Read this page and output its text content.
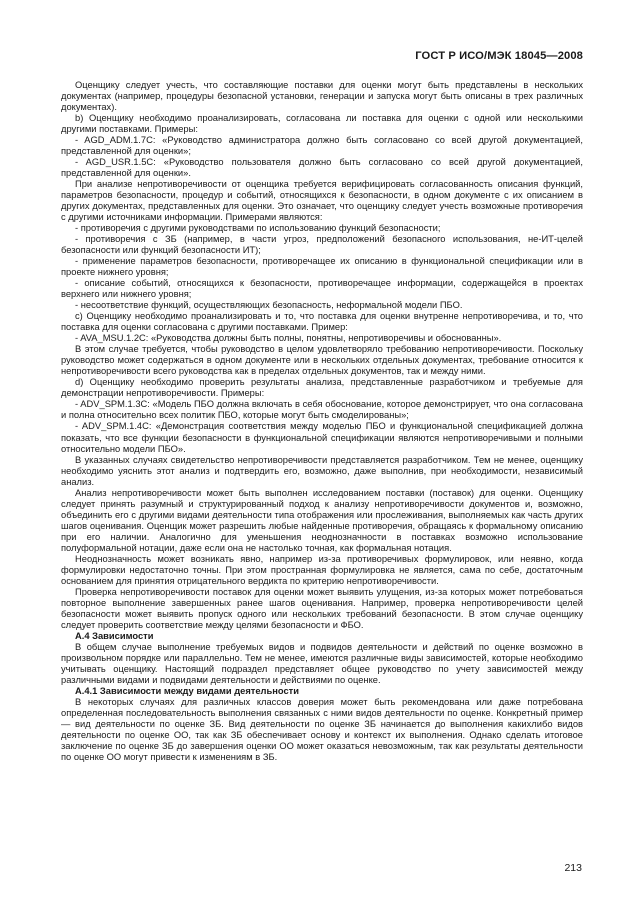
ГОСТ Р ИСО/МЭК 18045—2008

Оценщику следует учесть, что составляющие поставки для оценки могут быть представлены в нескольких документах (например, процедуры безопасной установки, генерации и запуска могут быть описаны в трех различных документах).

b) Оценщику необходимо проанализировать, согласована ли поставка для оценки с одной или несколькими другими поставками. Примеры:

- AGD_ADM.1.7C: «Руководство администратора должно быть согласовано со всей другой документацией, представленной для оценки»;

- AGD_USR.1.5C: «Руководство пользователя должно быть согласовано со всей другой документацией, представленной для оценки».

При анализе непротиворечивости от оценщика требуется верифицировать согласованность описания функций, параметров безопасности, процедур и событий, относящихся к безопасности, в одном документе с их описанием в других документах, представленных для оценки. Это означает, что оценщику следует учесть возможные противоречия с другими источниками информации. Примерами являются:

- противоречия с другими руководствами по использованию функций безопасности;

- противоречия с ЗБ (например, в части угроз, предположений безопасного использования, не-ИТ-целей безопасности или функций безопасности ИТ);

- применение параметров безопасности, противоречащее их описанию в функциональной спецификации или в проекте нижнего уровня;

- описание событий, относящихся к безопасности, противоречащее информации, содержащейся в проектах верхнего или нижнего уровня;

- несоответствие функций, осуществляющих безопасность, неформальной модели ПБО.

c) Оценщику необходимо проанализировать и то, что поставка для оценки внутренне непротиворечива, и то, что поставка для оценки согласована с другими поставками. Пример:

- AVA_MSU.1.2C: «Руководства должны быть полны, понятны, непротиворечивы и обоснованны».

В этом случае требуется, чтобы руководство в целом удовлетворяло требованию непротиворечивости. Поскольку руководство может содержаться в одном документе или в нескольких отдельных документах, требование относится к непротиворечивости всего руководства как в пределах отдельных документов, так и между ними.

d) Оценщику необходимо проверить результаты анализа, представленные разработчиком и требуемые для демонстрации непротиворечивости. Примеры:

- ADV_SPM.1.3C: «Модель ПБО должна включать в себя обоснование, которое демонстрирует, что она согласована и полна относительно всех политик ПБО, которые могут быть смоделированы»;

- ADV_SPM.1.4C: «Демонстрация соответствия между моделью ПБО и функциональной спецификацией должна показать, что все функции безопасности в функциональной спецификации являются непротиворечивыми и полными относительно модели ПБО».

В указанных случаях свидетельство непротиворечивости представляется разработчиком. Тем не менее, оценщику необходимо уяснить этот анализ и подтвердить его, возможно, даже выполнив, при необходимости, независимый анализ.

Анализ непротиворечивости может быть выполнен исследованием поставки (поставок) для оценки. Оценщику следует принять разумный и структурированный подход к анализу непротиворечивости документов и, возможно, объединить его с другими видами деятельности типа отображения или прослеживания, выполняемых как часть других шагов оценивания. Оценщик может разрешить любые найденные противоречия, обращаясь к формальному описанию при его наличии. Аналогично для уменьшения неоднозначности в поставках возможно использование полуформальной нотации, даже если она не настолько точная, как формальная нотация.

Неоднозначность может возникать явно, например из-за противоречивых формулировок, или неявно, когда формулировки недостаточно точны. При этом пространная формулировка не является, сама по себе, достаточным основанием для принятия отрицательного вердикта по критерию непротиворечивости.

Проверка непротиворечивости поставок для оценки может выявить улущения, из-за которых может потребоваться повторное выполнение завершенных ранее шагов оценивания. Например, проверка непротиворечивости целей безопасности может выявить пропуск одного или нескольких требований безопасности. В этом случае оценщику следует проверить соответствие между целями безопасности и ФБО.

А.4 Зависимости

В общем случае выполнение требуемых видов и подвидов деятельности и действий по оценке возможно в произвольном порядке или параллельно. Тем не менее, имеются различные виды зависимостей, которые необходимо учитывать оценщику. Настоящий подраздел представляет общее руководство по учету зависимостей между различными видами и подвидами деятельности и действиями по оценке.

А.4.1 Зависимости между видами деятельности

В некоторых случаях для различных классов доверия может быть рекомендована или даже потребована определенная последовательность выполнения связанных с ними видов деятельности по оценке. Конкретный пример — вид деятельности по оценке ЗБ. Вид деятельности по оценке ЗБ начинается до выполнения какихлибо видов деятельности по оценке ОО, так как ЗБ обеспечивает основу и контекст их выполнения. Однако сделать итоговое заключение по оценке ЗБ до завершения оценки ОО может оказаться невозможным, так как результаты деятельности по оценке ОО могут привести к изменениям в ЗБ.

213
